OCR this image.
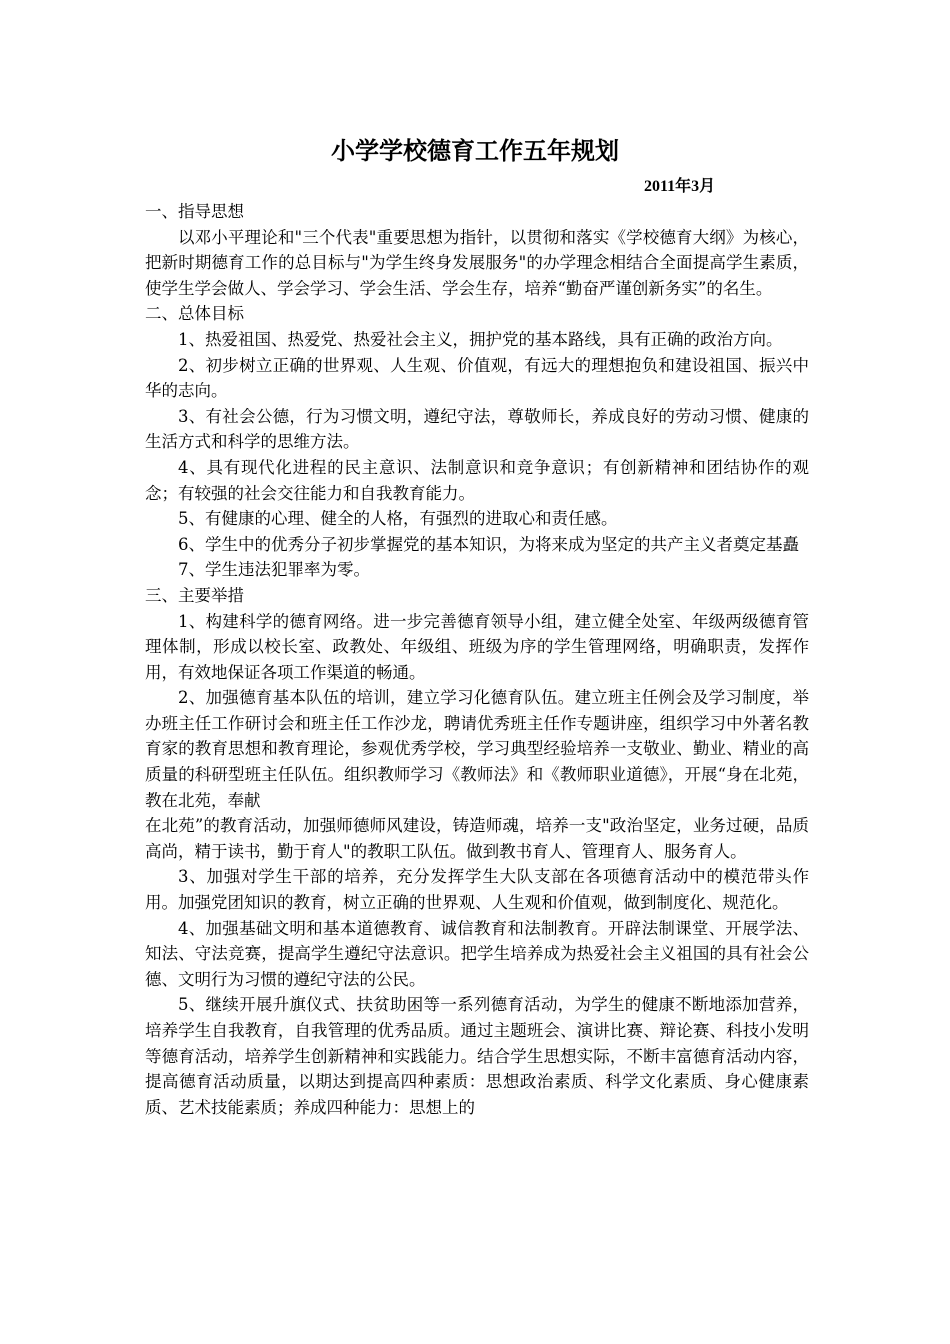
小学学校德育工作五年规划
2011年3月

一、指导思想

以邓小平理论和"三个代表"重要思想为指针，以贯彻和落实《学校德育大纲》为核心，把新时期德育工作的总目标与"为学生终身发展服务"的办学理念相结合全面提高学生素质，使学生学会做人、学会学习、学会生活、学会生存，培养“勤奋严谨创新务实”的名生。

二、总体目标

1、热爱祖国、热爱党、热爱社会主义，拥护党的基本路线，具有正确的政治方向。

2、初步树立正确的世界观、人生观、价值观，有远大的理想抱负和建设祖国、振兴中华的志向。

3、有社会公德，行为习惯文明，遵纪守法，尊敬师长，养成良好的劳动习惯、健康的生活方式和科学的思维方法。

4、具有现代化进程的民主意识、法制意识和竞争意识；有创新精神和团结协作的观念；有较强的社会交往能力和自我教育能力。

5、有健康的心理、健全的人格，有强烈的进取心和责任感。

6、学生中的优秀分子初步掌握党的基本知识，为将来成为坚定的共产主义者奠定基矗

7、学生违法犯罪率为零。

三、主要举措

1、构建科学的德育网络。进一步完善德育领导小组，建立健全处室、年级两级德育管理体制，形成以校长室、政教处、年级组、班级为序的学生管理网络，明确职责，发挥作用，有效地保证各项工作渠道的畅通。

2、加强德育基本队伍的培训，建立学习化德育队伍。建立班主任例会及学习制度，举办班主任工作研讨会和班主任工作沙龙，聘请优秀班主任作专题讲座，组织学习中外著名教育家的教育思想和教育理论，参观优秀学校，学习典型经验培养一支敬业、勤业、精业的高质量的科研型班主任队伍。组织教师学习《教师法》和《教师职业道德》，开展“身在北苑，教在北苑，奉献

在北苑”的教育活动，加强师德师风建设，铸造师魂，培养一支"政治坚定，业务过硬，品质高尚，精于读书，勤于育人"的教职工队伍。做到教书育人、管理育人、服务育人。

3、加强对学生干部的培养，充分发挥学生大队支部在各项德育活动中的模范带头作用。加强党团知识的教育，树立正确的世界观、人生观和价值观，做到制度化、规范化。

4、加强基础文明和基本道德教育、诚信教育和法制教育。开辟法制课堂、开展学法、知法、守法竞赛，提高学生遵纪守法意识。把学生培养成为热爱社会主义祖国的具有社会公德、文明行为习惯的遵纪守法的公民。

5、继续开展升旗仪式、扶贫助困等一系列德育活动，为学生的健康不断地添加营养，培养学生自我教育，自我管理的优秀品质。通过主题班会、演讲比赛、辩论赛、科技小发明等德育活动，培养学生创新精神和实践能力。结合学生思想实际，不断丰富德育活动内容，提高德育活动质量，以期达到提高四种素质：思想政治素质、科学文化素质、身心健康素质、艺术技能素质；养成四种能力：思想上的
